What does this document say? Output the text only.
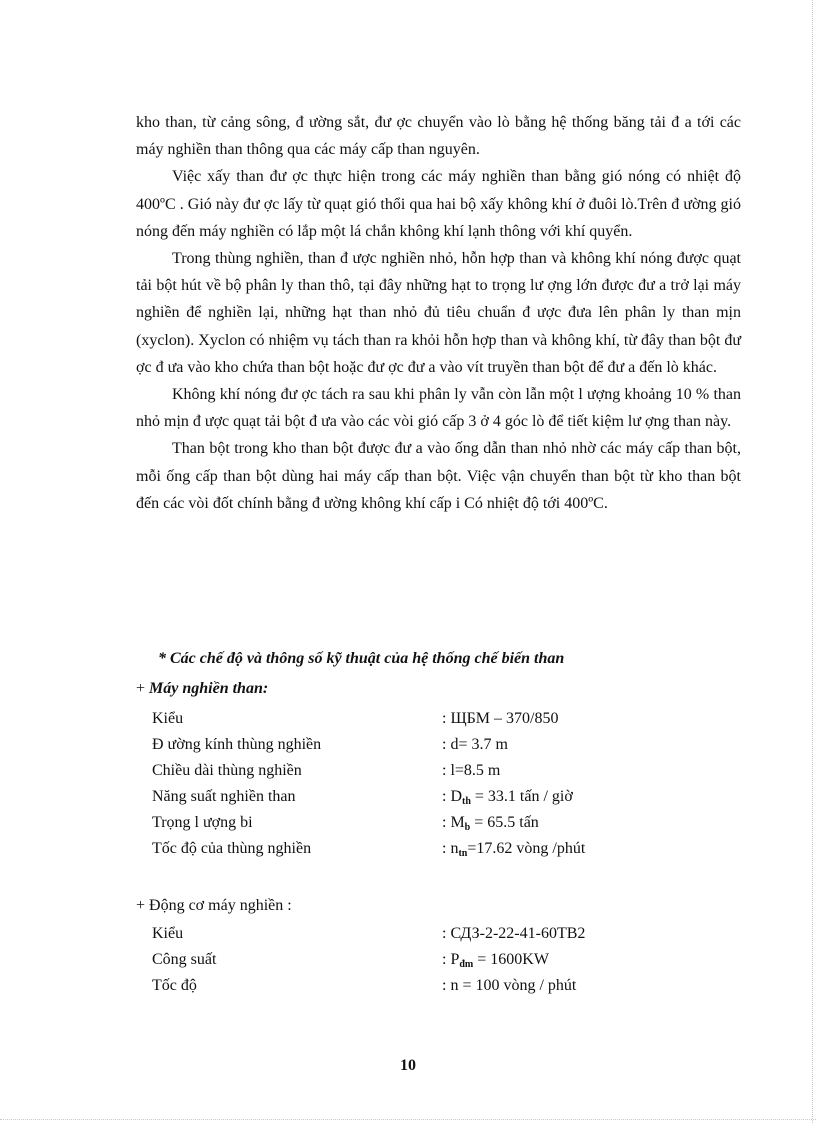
kho than, từ cảng sông, đ ường sắt, đư ợc chuyển vào lò bằng hệ thống băng tải đ a tới các máy nghiền than thông qua các máy cấp than nguyên.

Việc xấy than đư ợc thực hiện trong các máy nghiền than bằng gió nóng có nhiệt độ 400ºC . Gió này đư ợc lấy từ quạt gió thổi qua hai bộ xấy không khí ở đuôi lò.Trên đ ường gió nóng đến máy nghiền có lắp một lá chắn không khí lạnh thông với khí quyển.

Trong thùng nghiền, than đ ược nghiền nhỏ, hỗn hợp than và không khí nóng được quạt tải bột hút về bộ phân ly than thô, tại đây những hạt to trọng lư ợng lớn được đư a trở lại máy nghiền để nghiền lại, những hạt than nhỏ đủ tiêu chuẩn đ ược đưa lên phân ly than mịn (xyclon). Xyclon có nhiệm vụ tách than ra khỏi hỗn hợp than và không khí, từ đây than bột đư ợc đ ưa vào kho chứa than bột hoặc đư ợc đư a vào vít truyền than bột để đư a đến lò khác.

Không khí nóng đư ợc tách ra sau khi phân ly vẫn còn lẫn một l ượng khoảng 10 % than nhỏ mịn đ ược quạt tải bột đ ưa vào các vòi gió cấp 3 ở 4 góc lò để tiết kiệm lư ợng than này.

Than bột trong kho than bột được đư a vào ống dẫn than nhỏ nhờ các máy cấp than bột, mỗi ống cấp than bột dùng hai máy cấp than bột. Việc vận chuyển than bột từ kho than bột đến các vòi đốt chính bằng đ ường không khí cấp i Có nhiệt độ tới 400ºC.

* Các chế độ và thông số kỹ thuật của hệ thống chế biến than

+ Máy nghiền than:

Kiểu	: ЩБМ – 370/850
Đ ường kính thùng nghiền	: d= 3.7 m
Chiều dài thùng nghiền	: l=8.5 m
Năng suất nghiền than	: $D_{th} = 33.1$ tấn / giờ
Trọng l ượng bi	: $M_b = 65.5$ tấn
Tốc độ của thùng nghiền	: $n_{tn}=17.62$ vòng /phút

+ Động cơ máy nghiền :

Kiểu	: СДЗ-2-22-41-60ТВ2
Công suất	: $P_{đm} = 1600KW$
Tốc độ	: n = 100 vòng / phút
10
